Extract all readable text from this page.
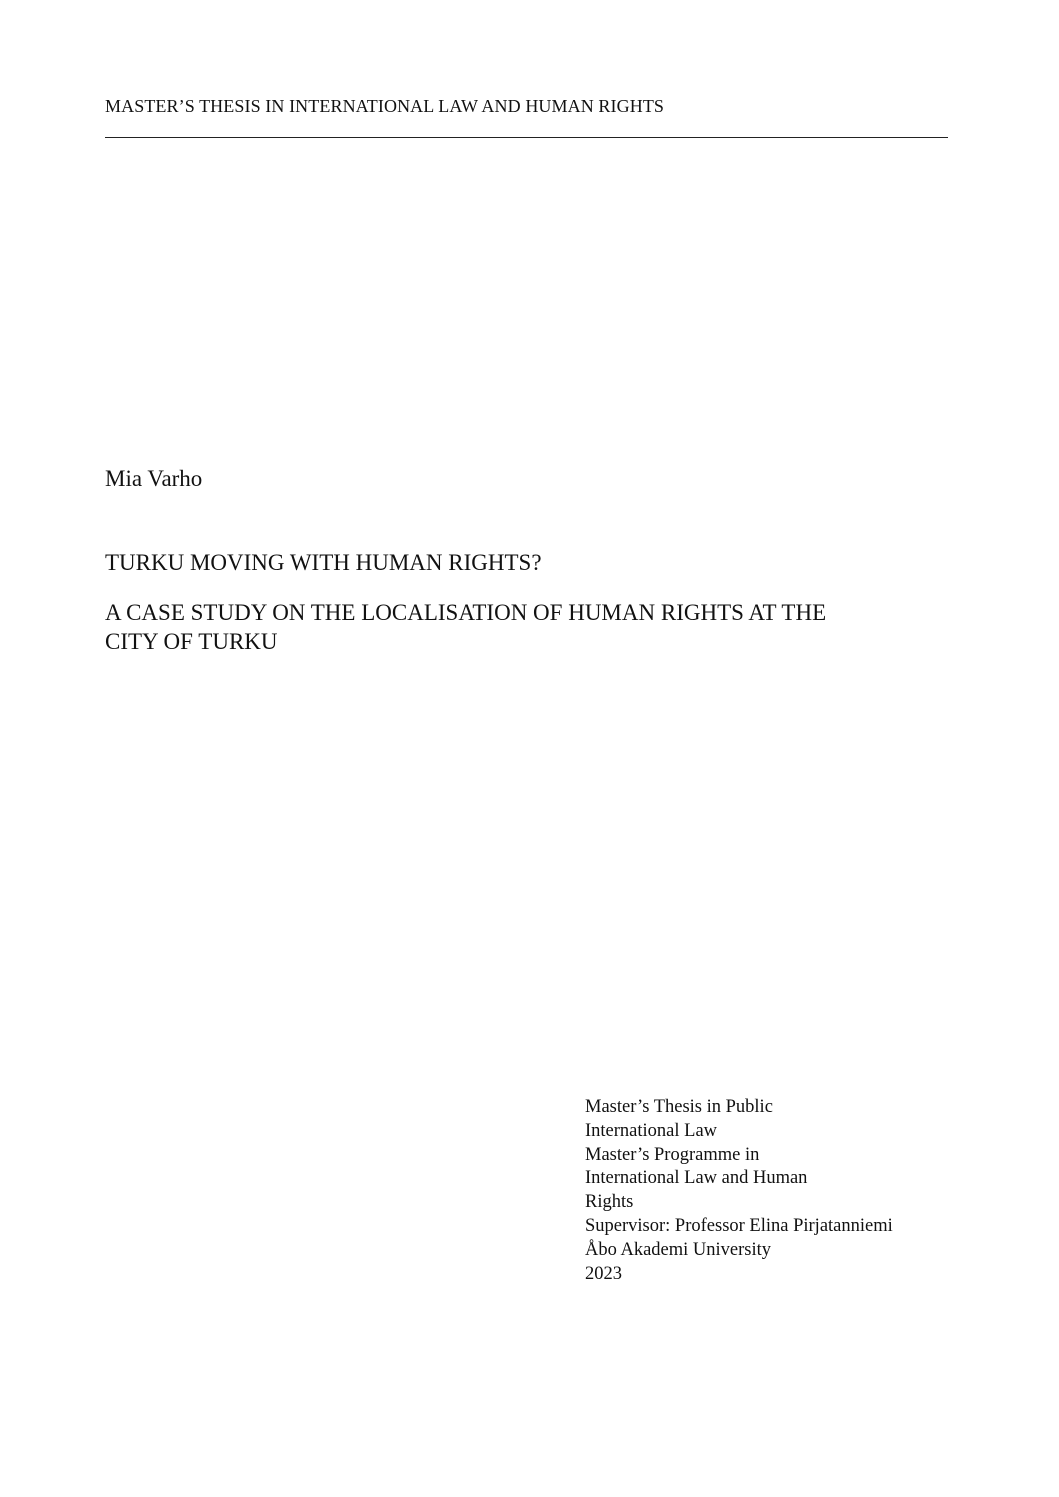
MASTER’S THESIS IN INTERNATIONAL LAW AND HUMAN RIGHTS
Mia Varho
TURKU MOVING WITH HUMAN RIGHTS?
A CASE STUDY ON THE LOCALISATION OF HUMAN RIGHTS AT THE
CITY OF TURKU
Master’s Thesis in Public
International Law
Master’s Programme in
International Law and Human
Rights
Supervisor: Professor Elina Pirjatanniemi
Åbo Akademi University
2023
